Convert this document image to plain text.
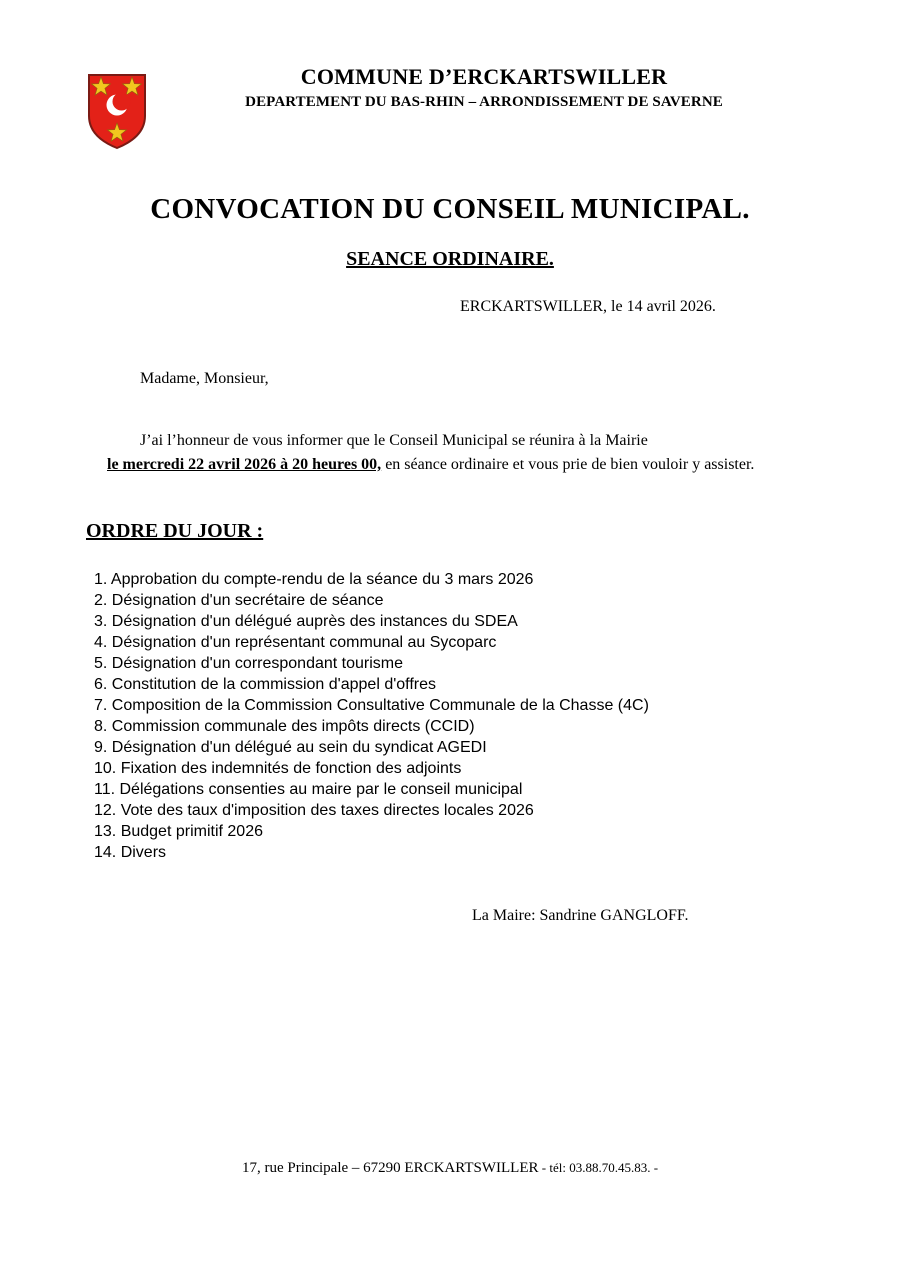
COMMUNE D’ERCKARTSWILLER
DEPARTEMENT DU BAS-RHIN – ARRONDISSEMENT DE SAVERNE
CONVOCATION DU CONSEIL MUNICIPAL.
SEANCE ORDINAIRE.
ERCKARTSWILLER, le 14 avril 2026.
Madame, Monsieur,
J’ai l’honneur de vous informer que le Conseil Municipal se réunira à la Mairie
le mercredi 22 avril 2026 à 20 heures 00, en séance ordinaire et vous prie de bien vouloir y assister.
ORDRE DU JOUR :
1. Approbation du compte-rendu de la séance du 3 mars 2026
2. Désignation d'un secrétaire de séance
3. Désignation d'un délégué auprès des instances du SDEA
4. Désignation d'un représentant communal au Sycoparc
5. Désignation d'un correspondant tourisme
6. Constitution de la commission d'appel d'offres
7. Composition de la Commission Consultative Communale de la Chasse (4C)
8. Commission communale des impôts directs (CCID)
9. Désignation d'un délégué au sein du syndicat AGEDI
10. Fixation des indemnités de fonction des adjoints
11. Délégations consenties au maire par le conseil municipal
12. Vote des taux d'imposition des taxes directes locales 2026
13. Budget primitif 2026
14. Divers
La Maire: Sandrine GANGLOFF.
17, rue Principale – 67290 ERCKARTSWILLER - tél: 03.88.70.45.83. -
